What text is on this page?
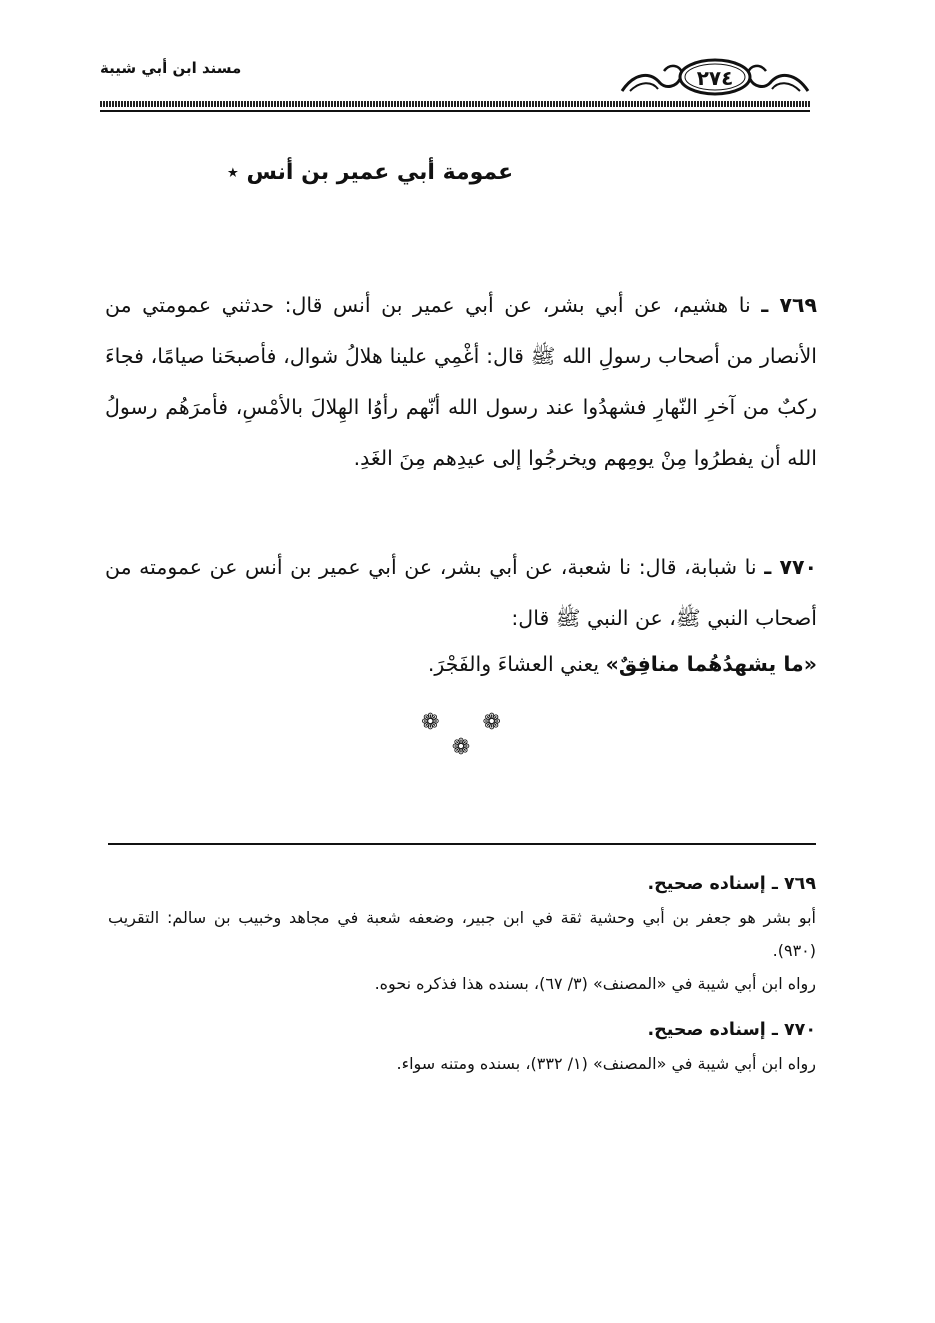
مسند ابن أبي شيبة	٢٧٤
عمومة أبي عمير بن أنس ٭

٧٦٩ ـ نا هشيم، عن أبي بشر، عن أبي عمير بن أنس قال: حدثني عمومتي من الأنصار من أصحاب رسولِ الله ﷺ قال: أغْمِي علينا هلالُ شوال، فأصبحَنا صيامًا، فجاءَ ركبٌ من آخرِ النّهارِ فشهدُوا عند رسول الله أنّهم رأوُا الهِلالَ بالأمْسِ، فأمرَهُم رسولُ الله أن يفطرُوا مِنْ يومِهم ويخرجُوا إلى عيدِهم مِنَ الغَدِ.

٧٧٠ ـ نا شبابة، قال: نا شعبة، عن أبي بشر، عن أبي عمير بن أنس عن عمومته من أصحاب النبي ﷺ، عن النبي ﷺ قال:

«ما يشهدُهُما منافِقٌ» يعني العشاءَ والفَجْرَ.
❁ ❁ ❁

٧٦٩ ـ إسناده صحيح.

أبو بشر هو جعفر بن أبي وحشية ثقة في ابن جبير، وضعفه شعبة في مجاهد وخبيب بن سالم: التقريب (٩٣٠).

رواه ابن أبي شيبة في «المصنف» (٣/ ٦٧)، بسنده هذا فذكره نحوه.

٧٧٠ ـ إسناده صحيح.

رواه ابن أبي شيبة في «المصنف» (١/ ٣٣٢)، بسنده ومتنه سواء.
